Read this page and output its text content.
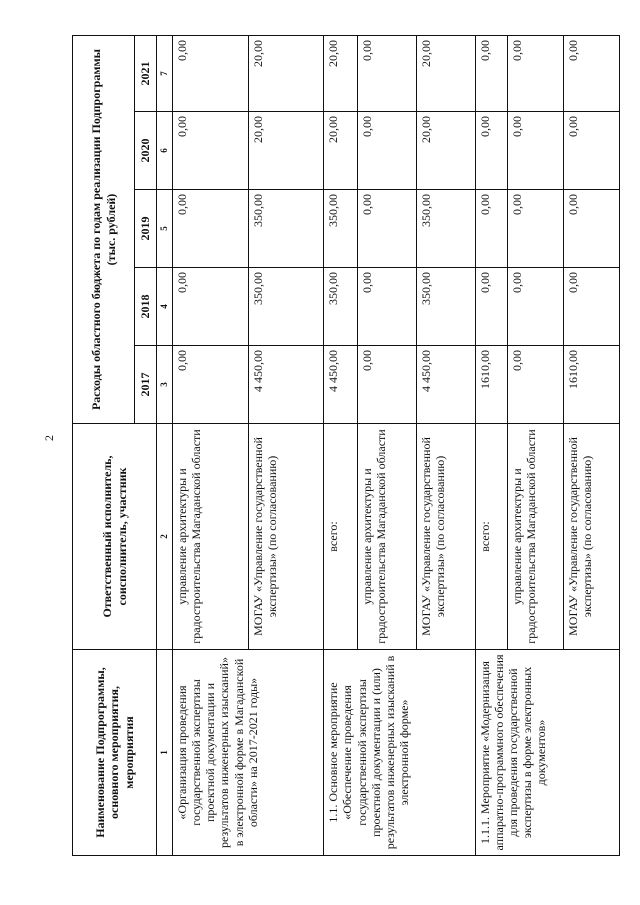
2
Наименование Подпрограммы, основного мероприятия, мероприятия	Ответственный исполнитель, соисполнитель, участник	Расходы областного бюджета по годам реализации Подпрограммы (тыс. рублей)				
		2017	2018	2019	2020	2021
1	2	3	4	5	6	7
«Организация проведения государственной экспертизы проектной документации и результатов инженерных изысканий» в электронной форме в Магаданской области» на 2017-2021 годы»	управление архитектуры и градостроительства Магаданской области	0,00	0,00	0,00	0,00	0,00
	МОГАУ «Управление государственной экспертизы» (по согласованию)	4 450,00	350,00	350,00	20,00	20,00
1.1. Основное мероприятие «Обеспечение проведения государственной экспертизы проектной документации и (или) результатов инженерных изысканий в электронной форме»	всего:	4 450,00	350,00	350,00	20,00	20,00
	управление архитектуры и градостроительства Магаданской области	0,00	0,00	0,00	0,00	0,00
	МОГАУ «Управление государственной экспертизы» (по согласованию)	4 450,00	350,00	350,00	20,00	20,00
1.1.1. Мероприятие «Модернизация аппаратно-программного обеспечения для проведения государственной экспертизы в форме электронных документов»	всего:	1610,00	0,00	0,00	0,00	0,00
	управление архитектуры и градостроительства Магаданской области	0,00	0,00	0,00	0,00	0,00
	МОГАУ «Управление государственной экспертизы» (по согласованию)	1610,00	0,00	0,00	0,00	0,00
